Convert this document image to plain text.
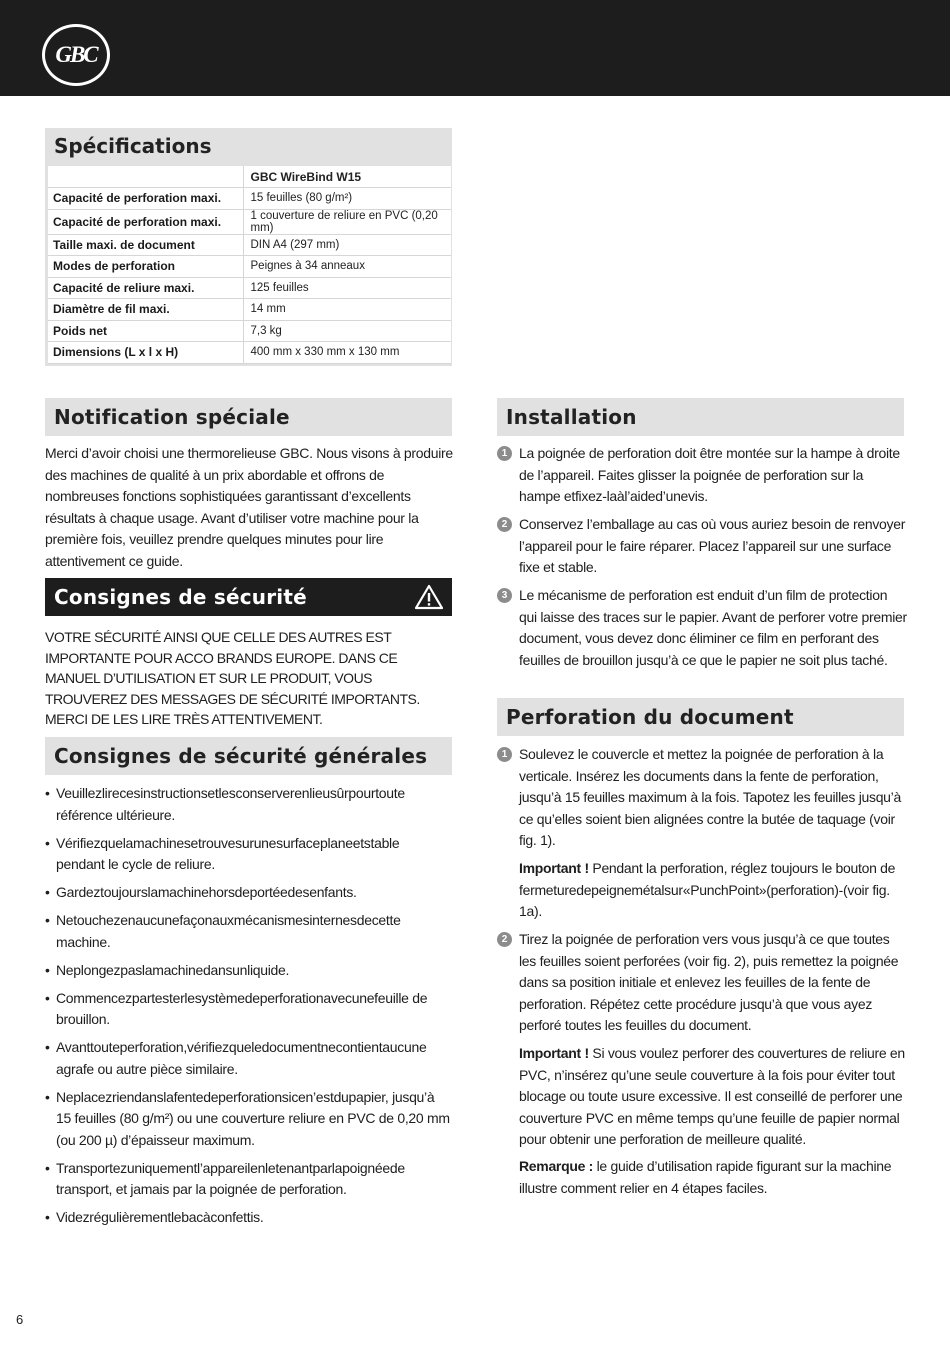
GBC
Spécifications
	GBC WireBind W15
Capacité de perforation maxi.	15 feuilles (80 g/m²)
Capacité de perforation maxi.	1 couverture de reliure en PVC (0,20 mm)
Taille maxi. de document	DIN A4 (297 mm)
Modes de perforation	Peignes à 34 anneaux
Capacité de reliure maxi.	125 feuilles
Diamètre de fil maxi.	14 mm
Poids net	7,3 kg
Dimensions (L x l x H)	400 mm x 330 mm x 130 mm
Notification spéciale
Merci d’avoir choisi une thermorelieuse GBC. Nous visons à produire des machines de qualité à un prix abordable et offrons de nombreuses fonctions sophistiquées garantissant d’excellents résultats à chaque usage. Avant d’utiliser votre machine pour la première fois, veuillez prendre quelques minutes pour lire attentivement ce guide.
Consignes de sécurité
VOTRE SÉCURITÉ AINSI QUE CELLE DES AUTRES EST IMPORTANTE POUR ACCO BRANDS EUROPE. DANS CE MANUEL D’UTILISATION ET SUR LE PRODUIT, VOUS TROUVEREZ DES MESSAGES DE SÉCURITÉ IMPORTANTS. MERCI DE LES LIRE TRÈS ATTENTIVEMENT.
Consignes de sécurité générales
• Veuillezlirecesinstructionsetlesconserverenlieusûrpourtoute référence ultérieure.
• Vérifiezquelamachinesetrouvesurunesurfaceplaneetstable pendant le cycle de reliure.
• Gardeztoujourslamachinehorsdeportéedesenfants.
• Netouchezenaucunefaçonauxmécanismesinternesdecette machine.
• Neplongezpaslamachinedansunliquide.
• Commencezpartesterlesystèmedeperforationavecunefeuille de brouillon.
• Avanttouteperforation,vérifiezqueledocumentnecontientaucune agrafe ou autre pièce similaire.
• Neplacezriendanslafentedeperforationsicen’estdupapier, jusqu’à 15 feuilles (80 g/m²) ou une couverture reliure en PVC de 0,20 mm (ou 200 µ) d’épaisseur maximum.
• Transportezuniquementl’appareilenletenantparlapoignéede transport, et jamais par la poignée de perforation.
• Videzrégulièrementlebacàconfettis.
Installation
1 La poignée de perforation doit être montée sur la hampe à droite de l’appareil. Faites glisser la poignée de perforation sur la hampe etfixez-laàl’aided’unevis.
2 Conservez l’emballage au cas où vous auriez besoin de renvoyer l’appareil pour le faire réparer. Placez l’appareil sur une surface fixe et stable.
3 Le mécanisme de perforation est enduit d’un film de protection qui laisse des traces sur le papier. Avant de perforer votre premier document, vous devez donc éliminer ce film en perforant des feuilles de brouillon jusqu’à ce que le papier ne soit plus taché.
Perforation du document
1 Soulevez le couvercle et mettez la poignée de perforation à la verticale. Insérez les documents dans la fente de perforation, jusqu’à 15 feuilles maximum à la fois. Tapotez les feuilles jusqu’à ce qu’elles soient bien alignées contre la butée de taquage (voir fig. 1).
Important ! Pendant la perforation, réglez toujours le bouton de fermeturedepeignemétalsur«PunchPoint»(perforation)-(voir fig. 1a).
2 Tirez la poignée de perforation vers vous jusqu’à ce que toutes les feuilles soient perforées (voir fig. 2), puis remettez la poignée dans sa position initiale et enlevez les feuilles de la fente de perforation. Répétez cette procédure jusqu’à que vous ayez perforé toutes les feuilles du document.
Important ! Si vous voulez perforer des couvertures de reliure en PVC, n’insérez qu’une seule couverture à la fois pour éviter tout blocage ou toute usure excessive. Il est conseillé de perforer une couverture PVC en même temps qu’une feuille de papier normal pour obtenir une perforation de meilleure qualité.
Remarque : le guide d’utilisation rapide figurant sur la machine illustre comment relier en 4 étapes faciles.
6
